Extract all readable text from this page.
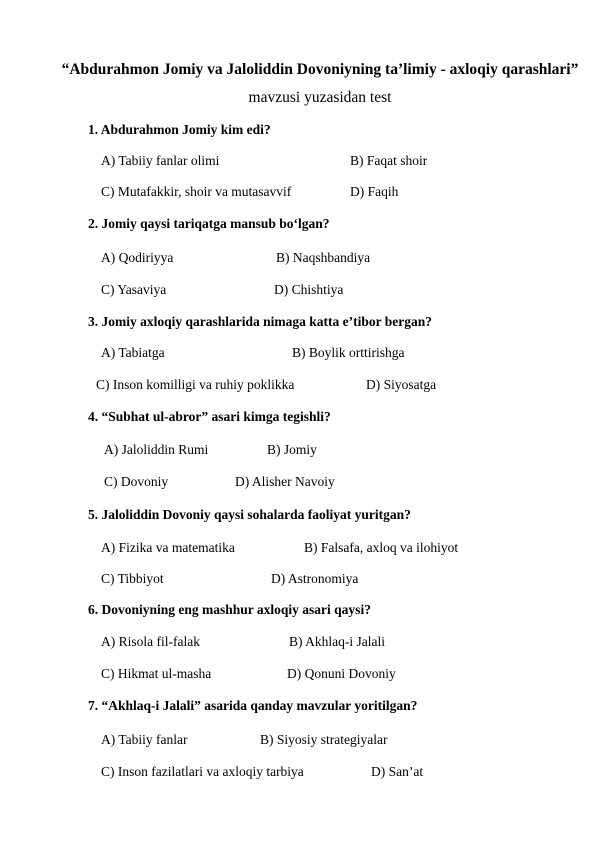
“Abdurahmon Jomiy va Jaloliddin Dovoniyning ta’limiy - axloqiy qarashlari” mavzusi yuzasidan test
1. Abdurahmon Jomiy kim edi?
A) Tabiiy fanlar olimi	B) Faqat shoir
C) Mutafakkir, shoir va mutasavvif	D) Faqih
2. Jomiy qaysi tariqatga mansub bo‘lgan?
A) Qodiriyya	B) Naqshbandiya
C) Yasaviya	D) Chishtiya
3. Jomiy axloqiy qarashlarida nimaga katta e’tibor bergan?
A) Tabiatga	B) Boylik orttirishga
C) Inson komilligi va ruhiy poklikka	D) Siyosatga
4. “Subhat ul-abror” asari kimga tegishli?
A) Jaloliddin Rumi	B) Jomiy
C) Dovoniy	D) Alisher Navoiy
5. Jaloliddin Dovoniy qaysi sohalarda faoliyat yuritgan?
A) Fizika va matematika	B) Falsafa, axloq va ilohiyot
C) Tibbiyot	D) Astronomiya
6. Dovoniyning eng mashhur axloqiy asari qaysi?
A) Risola fil-falak	B) Akhlaq-i Jalali
C) Hikmat ul-masha	D) Qonuni Dovoniy
7. “Akhlaq-i Jalali” asarida qanday mavzular yoritilgan?
A) Tabiiy fanlar	B) Siyosiy strategiyalar
C) Inson fazilatlari va axloqiy tarbiya	D) San’at
